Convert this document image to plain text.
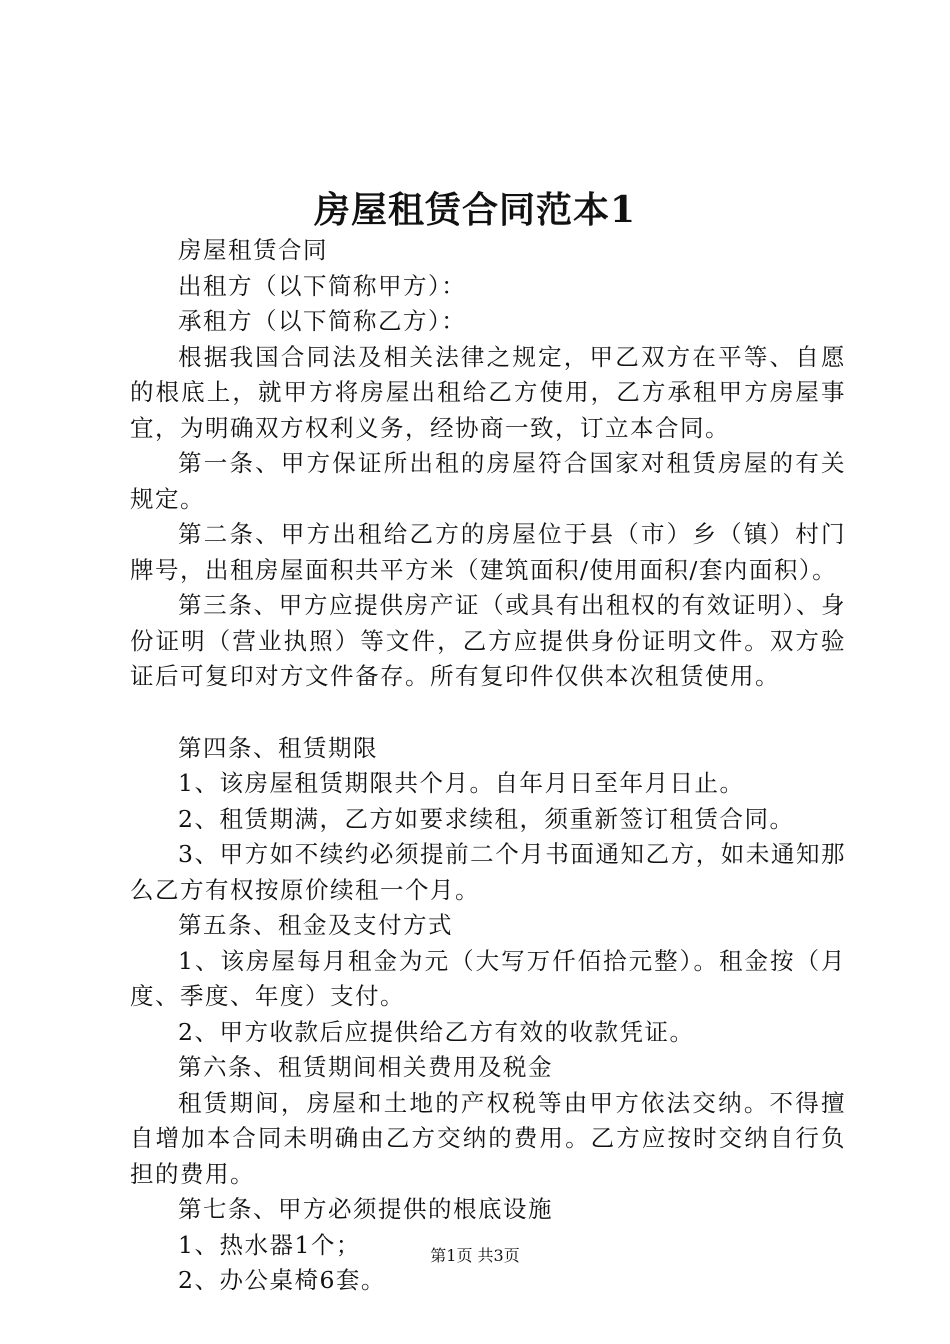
房屋租赁合同范本1

房屋租赁合同

出租方（以下简称甲方）：

承租方（以下简称乙方）：

根据我国合同法及相关法律之规定，甲乙双方在平等、自愿的根底上，就甲方将房屋出租给乙方使用，乙方承租甲方房屋事宜，为明确双方权利义务，经协商一致，订立本合同。

第一条、甲方保证所出租的房屋符合国家对租赁房屋的有关规定。

第二条、甲方出租给乙方的房屋位于县（市）乡（镇）村门牌号，出租房屋面积共平方米（建筑面积/使用面积/套内面积）。

第三条、甲方应提供房产证（或具有出租权的有效证明）、身份证明（营业执照）等文件，乙方应提供身份证明文件。双方验证后可复印对方文件备存。所有复印件仅供本次租赁使用。

第四条、租赁期限

1、该房屋租赁期限共个月。自年月日至年月日止。

2、租赁期满，乙方如要求续租，须重新签订租赁合同。

3、甲方如不续约必须提前二个月书面通知乙方，如未通知那么乙方有权按原价续租一个月。

第五条、租金及支付方式

1、该房屋每月租金为元（大写万仟佰拾元整）。租金按（月度、季度、年度）支付。

2、甲方收款后应提供给乙方有效的收款凭证。

第六条、租赁期间相关费用及税金

租赁期间，房屋和土地的产权税等由甲方依法交纳。不得擅自增加本合同未明确由乙方交纳的费用。乙方应按时交纳自行负担的费用。

第七条、甲方必须提供的根底设施

1、热水器1个；

2、办公桌椅6套。

第1页 共3页
